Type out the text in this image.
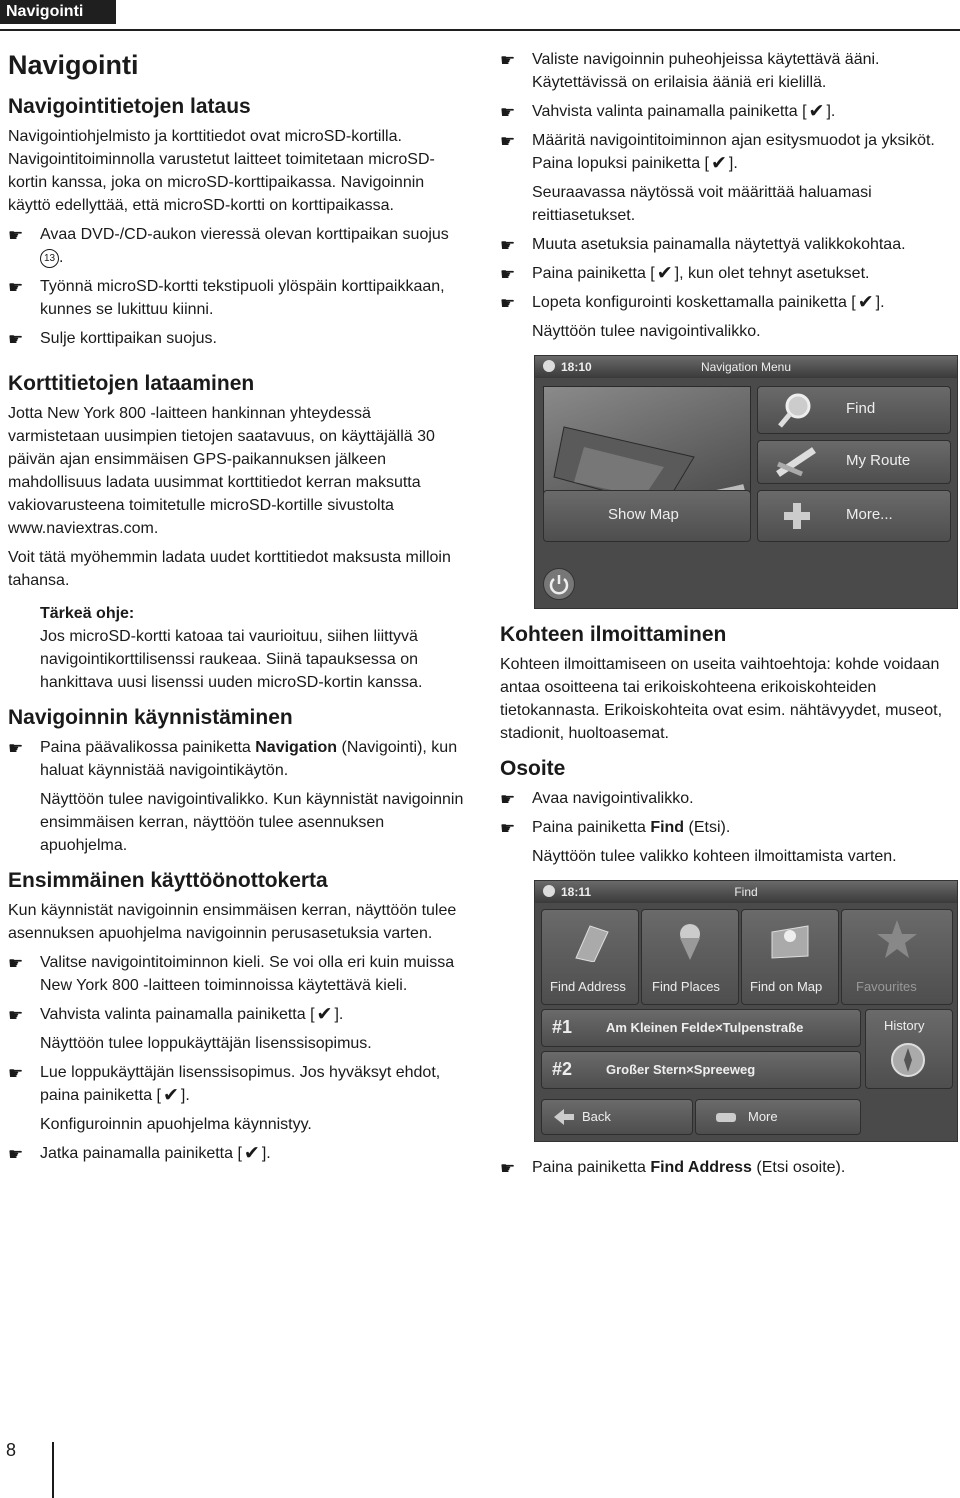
Navigointi
Navigointi
Navigointitietojen lataus

Navigointiohjelmisto ja korttitiedot ovat microSD-kortilla. Navigointitoiminnolla varustetut laitteet toimitetaan microSD-kortin kanssa, joka on microSD-korttipaikassa. Navigoinnin käyttö edellyttää, että microSD-kortti on korttipaikassa.

☛ Avaa DVD-/CD-aukon vieressä olevan korttipaikan suojus 13 .
☛ Työnnä microSD-kortti tekstipuoli ylöspäin korttipaikkaan, kunnes se lukittuu kiinni.
☛ Sulje korttipaikan suojus.
Korttitietojen lataaminen

Jotta New York 800 -laitteen hankinnan yhteydessä varmistetaan uusimpien tietojen saatavuus, on käyttäjällä 30 päivän ajan ensimmäisen GPS-paikannuksen jälkeen mahdollisuus ladata uusimmat korttitiedot kerran maksutta vakiovarusteena toimitetulle microSD-kortille sivustolta www.naviextras.com.

Voit tätä myöhemmin ladata uudet korttitiedot maksusta milloin tahansa.

Tärkeä ohje:
Jos microSD-kortti katoaa tai vaurioituu, siihen liittyvä navigointikorttilisenssi raukeaa. Siinä tapauksessa on hankittava uusi lisenssi uuden microSD-kortin kanssa.
Navigoinnin käynnistäminen
☛ Paina päävalikossa painiketta Navigation (Navigointi), kun haluat käynnistää navigointikäytön.
Näyttöön tulee navigointivalikko. Kun käynnistät navigoinnin ensimmäisen kerran, näyttöön tulee asennuksen apuohjelma.
Ensimmäinen käyttöönottokerta

Kun käynnistät navigoinnin ensimmäisen kerran, näyttöön tulee asennuksen apuohjelma navigoinnin perusasetuksia varten.

☛ Valitse navigointitoiminnon kieli. Se voi olla eri kuin muissa New York 800 -laitteen toiminnoissa käytettävä kieli.
☛ Vahvista valinta painamalla painiketta [ ✔ ].
Näyttöön tulee loppukäyttäjän lisenssisopimus.
☛ Lue loppukäyttäjän lisenssisopimus. Jos hyväksyt ehdot, paina painiketta [ ✔ ].
Konfiguroinnin apuohjelma käynnistyy.
☛ Jatka painamalla painiketta [ ✔ ].
☛ Valiste navigoinnin puheohjeissa käytettävä ääni. Käytettävissä on erilaisia ääniä eri kielillä.
☛ Vahvista valinta painamalla painiketta [ ✔ ].
☛ Määritä navigointitoiminnon ajan esitysmuodot ja yksiköt. Paina lopuksi painiketta [ ✔ ].
Seuraavassa näytössä voit määrittää haluamasi reittiasetukset.
☛ Muuta asetuksia painamalla näytettyä valikkokohtaa.
☛ Paina painiketta [ ✔ ], kun olet tehnyt asetukset.
☛ Lopeta konfigurointi koskettamalla painiketta [ ✔ ].
Näyttöön tulee navigointivalikko.
18:10	Navigation Menu
Find
My Route
Show Map	More...
Kohteen ilmoittaminen

Kohteen ilmoittamiseen on useita vaihtoehtoja: kohde voidaan antaa osoitteena tai erikoiskohteena erikoiskohteiden tietokannasta. Erikoiskohteita ovat esim. nähtävyydet, museot, stadionit, huoltoasemat.

Osoite
☛ Avaa navigointivalikko.
☛ Paina painiketta Find (Etsi).
Näyttöön tulee valikko kohteen ilmoittamista varten.
18:11	Find
Find Address Find Places Find on Map	Favourites
#1	Am Kleinen Felde×Tulpenstraße
#2	Großer Stern×Spreeweg
History
Back	More
☛ Paina painiketta Find Address (Etsi osoite).
8
